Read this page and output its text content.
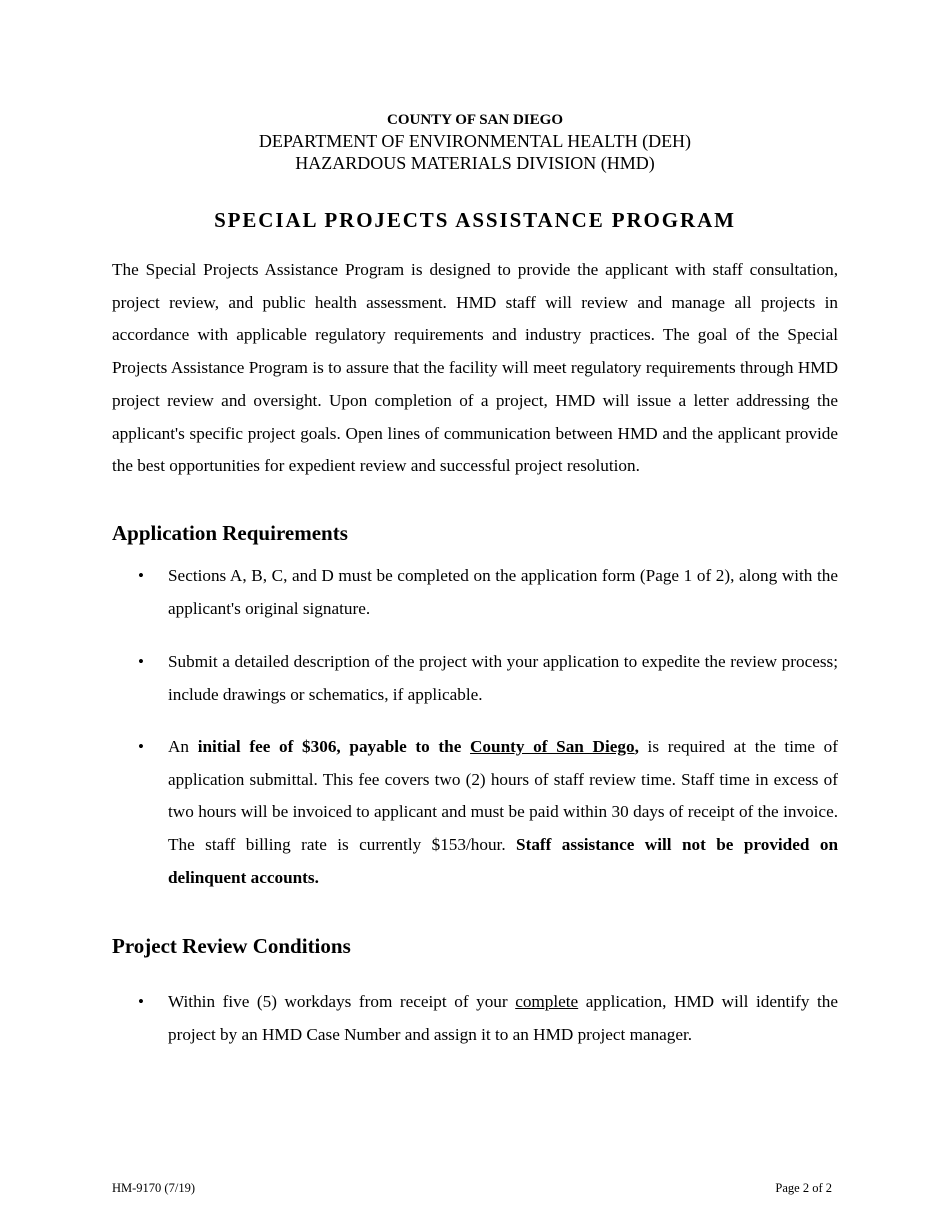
COUNTY OF SAN DIEGO
DEPARTMENT OF ENVIRONMENTAL HEALTH (DEH)
HAZARDOUS MATERIALS DIVISION (HMD)
SPECIAL PROJECTS ASSISTANCE PROGRAM

The Special Projects Assistance Program is designed to provide the applicant with staff consultation, project review, and public health assessment. HMD staff will review and manage all projects in accordance with applicable regulatory requirements and industry practices. The goal of the Special Projects Assistance Program is to assure that the facility will meet regulatory requirements through HMD project review and oversight. Upon completion of a project, HMD will issue a letter addressing the applicant's specific project goals. Open lines of communication between HMD and the applicant provide the best opportunities for expedient review and successful project resolution.

Application Requirements
• Sections A, B, C, and D must be completed on the application form (Page 1 of 2), along with the applicant's original signature.

• Submit a detailed description of the project with your application to expedite the review process; include drawings or schematics, if applicable.

• An initial fee of $306, payable to the County of San Diego, is required at the time of application submittal. This fee covers two (2) hours of staff review time. Staff time in excess of two hours will be invoiced to applicant and must be paid within 30 days of receipt of the invoice. The staff billing rate is currently $153/hour. Staff assistance will not be provided on delinquent accounts.

Project Review Conditions
• Within five (5) workdays from receipt of your complete application, HMD will identify the project by an HMD Case Number and assign it to an HMD project manager.

HM-9170 (7/19)	Page 2 of 2
